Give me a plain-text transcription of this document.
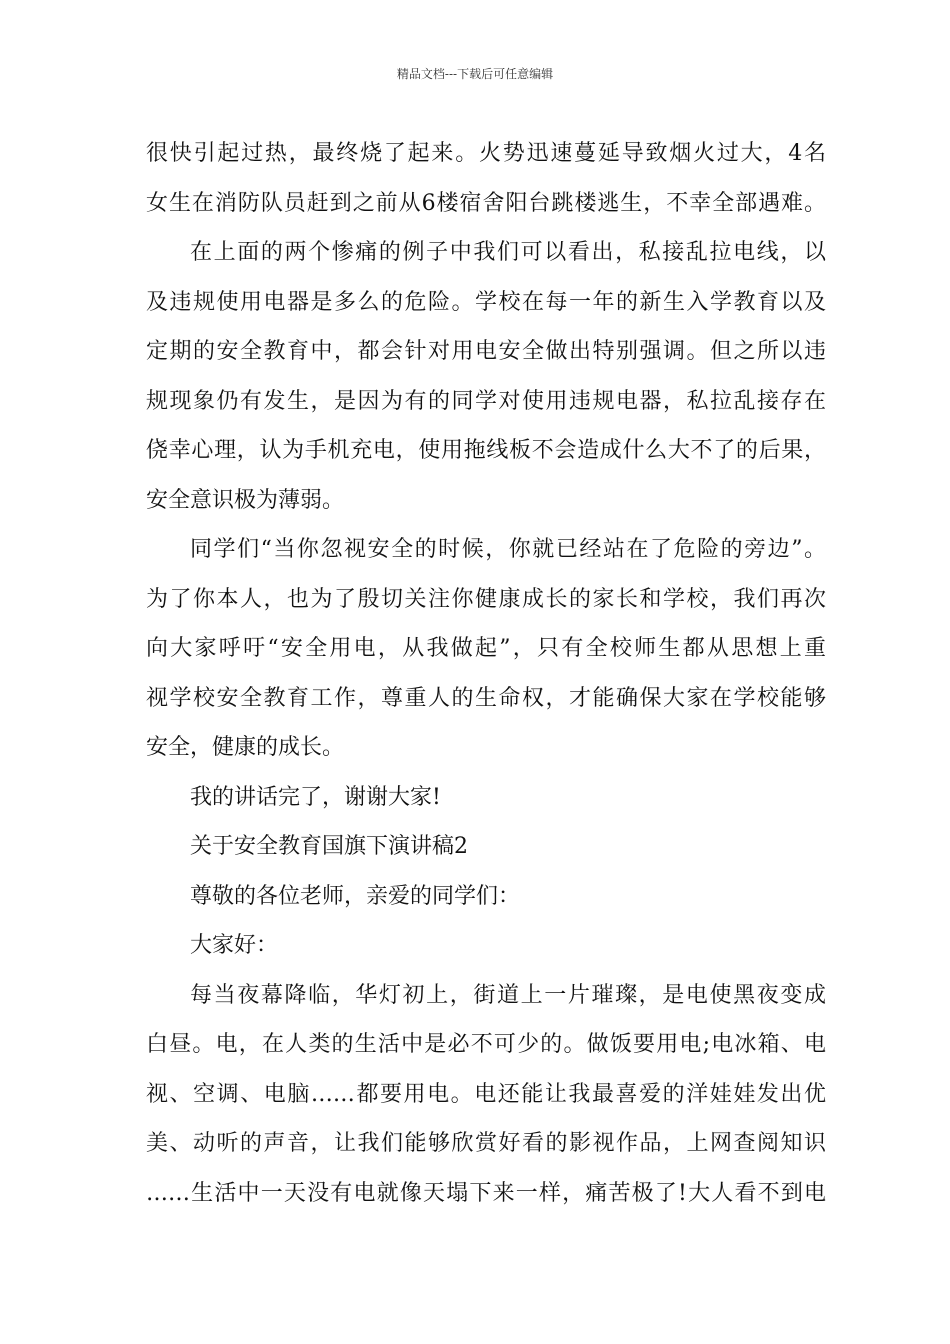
精品文档---下载后可任意编辑
很快引起过热，最终烧了起来。火势迅速蔓延导致烟火过大，4名
女生在消防队员赶到之前从6楼宿舍阳台跳楼逃生，不幸全部遇难。
在上面的两个惨痛的例子中我们可以看出，私接乱拉电线，以
及违规使用电器是多么的危险。学校在每一年的新生入学教育以及
定期的安全教育中，都会针对用电安全做出特别强调。但之所以违
规现象仍有发生，是因为有的同学对使用违规电器，私拉乱接存在
侥幸心理，认为手机充电，使用拖线板不会造成什么大不了的后果，
安全意识极为薄弱。
同学们“当你忽视安全的时候，你就已经站在了危险的旁边”。
为了你本人，也为了殷切关注你健康成长的家长和学校，我们再次
向大家呼吁“安全用电，从我做起”，只有全校师生都从思想上重
视学校安全教育工作，尊重人的生命权，才能确保大家在学校能够
安全，健康的成长。
我的讲话完了，谢谢大家!
关于安全教育国旗下演讲稿2
尊敬的各位老师，亲爱的同学们：
大家好：
每当夜幕降临，华灯初上，街道上一片璀璨，是电使黑夜变成
白昼。电，在人类的生活中是必不可少的。做饭要用电;电冰箱、电
视、空调、电脑……都要用电。电还能让我最喜爱的洋娃娃发出优
美、动听的声音，让我们能够欣赏好看的影视作品，上网查阅知识
……生活中一天没有电就像天塌下来一样，痛苦极了!大人看不到电
